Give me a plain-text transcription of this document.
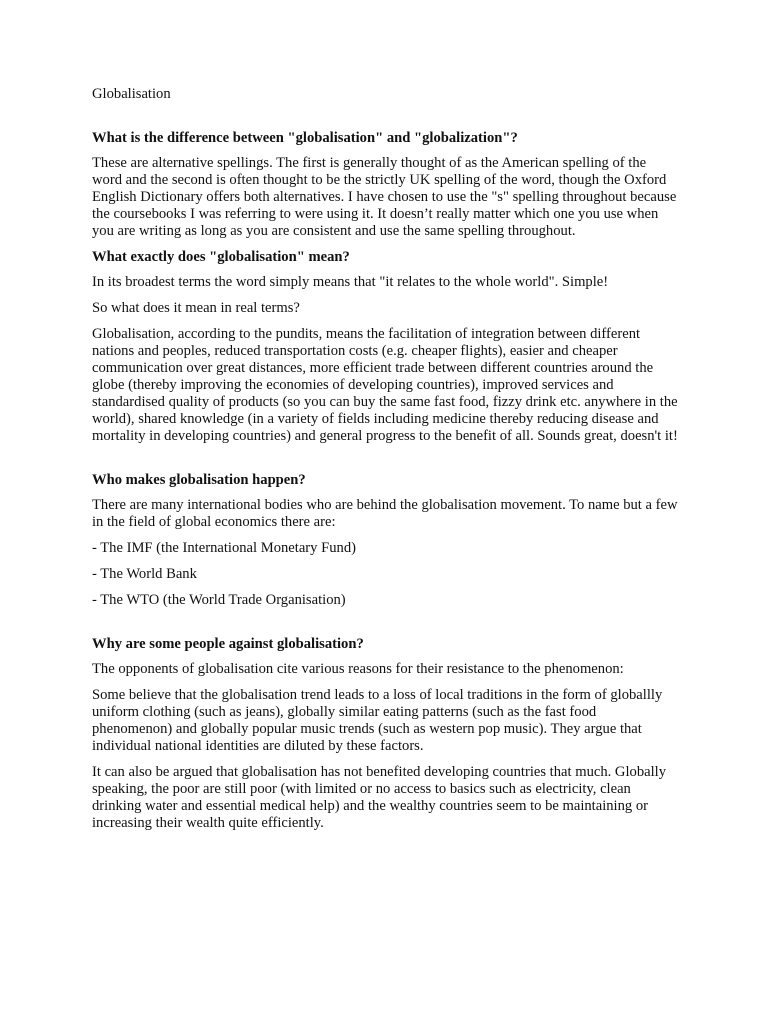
Globalisation
What is the difference between "globalisation" and "globalization"?
These are alternative spellings. The first is generally thought of as the American spelling of the word and the second is often thought to be the strictly UK spelling of the word, though the Oxford English Dictionary offers both alternatives. I have chosen to use the "s" spelling throughout because the coursebooks I was referring to were using it. It doesn’t really matter which one you use when you are writing as long as you are consistent and use the same spelling throughout.
What exactly does "globalisation" mean?
In its broadest terms the word simply means that "it relates to the whole world". Simple!
So what does it mean in real terms?
Globalisation, according to the pundits, means the facilitation of integration between different nations and peoples, reduced transportation costs (e.g. cheaper flights), easier and cheaper communication over great distances, more efficient trade between different countries around the globe (thereby improving the economies of developing countries), improved services and standardised quality of products (so you can buy the same fast food, fizzy drink etc. anywhere in the world), shared knowledge (in a variety of fields including medicine thereby reducing disease and mortality in developing countries) and general progress to the benefit of all. Sounds great, doesn't it!
Who makes globalisation happen?
There are many international bodies who are behind the globalisation movement. To name but a few in the field of global economics there are:
- The IMF (the International Monetary Fund)
- The World Bank
- The WTO (the World Trade Organisation)
Why are some people against globalisation?
The opponents of globalisation cite various reasons for their resistance to the phenomenon:
Some believe that the globalisation trend leads to a loss of local traditions in the form of globallly uniform clothing (such as jeans), globally similar eating patterns (such as the fast food phenomenon) and globally popular music trends (such as western pop music). They argue that individual national identities are diluted by these factors.
It can also be argued that globalisation has not benefited developing countries that much. Globally speaking, the poor are still poor (with limited or no access to basics such as electricity, clean drinking water and essential medical help) and the wealthy countries seem to be maintaining or increasing their wealth quite efficiently.
